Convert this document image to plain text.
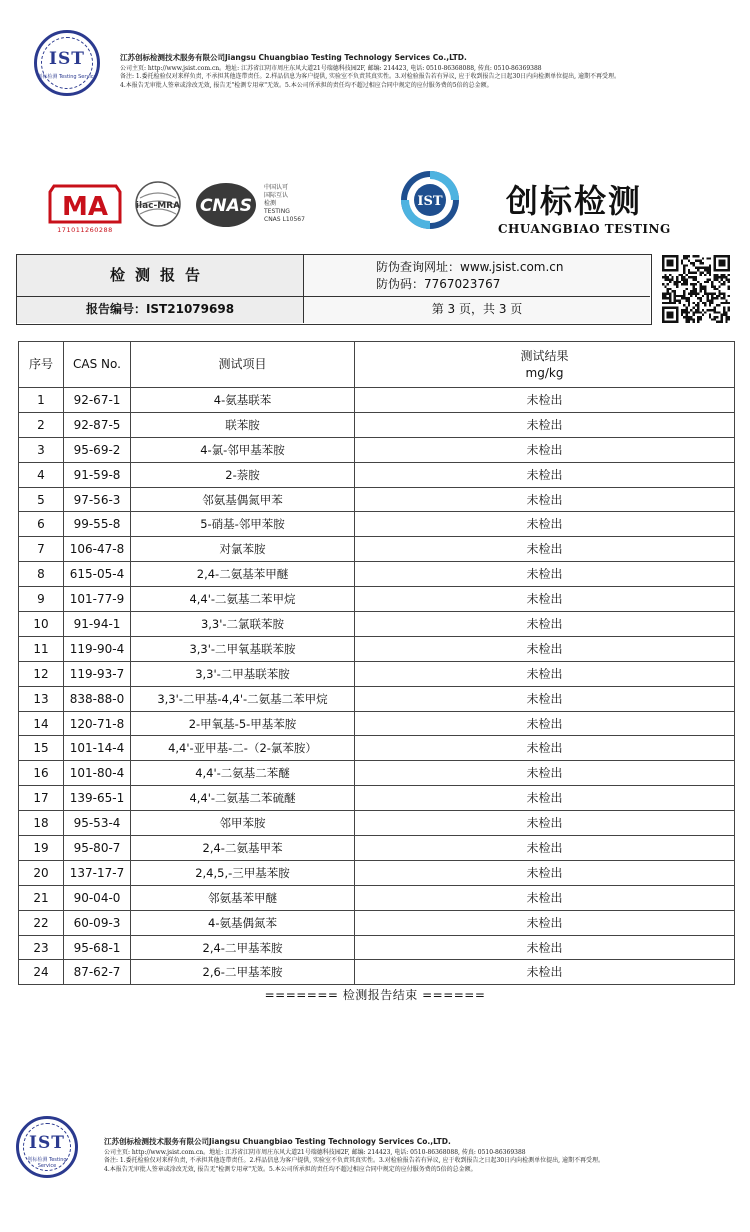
IST
创标检测 Testing Service
江苏创标检测技术服务有限公司Jiangsu Chuangbiao Testing Technology Services Co.,LTD.
公司主页: http://www.jsist.com.cn。地址: 江苏省江阴市周庄东风大道21号瑞德科技园2F, 邮编: 214423, 电话: 0510-86368088, 传真: 0510-86369388
备注: 1.委托检验仅对来样负责, 不承担其他连带责任。2.样品信息为客户提供, 实验室不负责其真实性。3.对检验报告若有异议, 应于收到报告之日起30日内向检测单位提出, 逾期不再受理。
4.本报告无审批人签章或涂改无效, 报告无"检测专用章"无效。5.本公司所承担的责任均不超过相应合同中规定的应付服务费的5倍的总金额。
MA
171011260288
ilac-MRA CNAS
中国认可
国际互认
检测
TESTING
CNAS L10567
IST 创标检测
CHUANGBIAO TESTING
检测报告	防伪查询网址：www.jsist.com.cn
防伪码：7767023767
报告编号：IST21079698	第 3 页，共 3 页
序号	CAS No.	测试项目	测试结果
mg/kg

1	92-67-1	4-氨基联苯	未检出
2	92-87-5	联苯胺	未检出
3	95-69-2	4-氯-邻甲基苯胺	未检出
4	91-59-8	2-萘胺	未检出
5	97-56-3	邻氨基偶氮甲苯	未检出
6	99-55-8	5-硝基-邻甲苯胺	未检出
7	106-47-8	对氯苯胺	未检出
8	615-05-4	2,4-二氨基苯甲醚	未检出
9	101-77-9	4,4'-二氨基二苯甲烷	未检出
10	91-94-1	3,3'-二氯联苯胺	未检出
11	119-90-4	3,3'-二甲氧基联苯胺	未检出
12	119-93-7	3,3'-二甲基联苯胺	未检出
13	838-88-0	3,3'-二甲基-4,4'-二氨基二苯甲烷	未检出
14	120-71-8	2-甲氧基-5-甲基苯胺	未检出
15	101-14-4	4,4'-亚甲基-二-（2-氯苯胺）	未检出
16	101-80-4	4,4'-二氨基二苯醚	未检出
17	139-65-1	4,4'-二氨基二苯硫醚	未检出
18	95-53-4	邻甲苯胺	未检出
19	95-80-7	2,4-二氨基甲苯	未检出
20	137-17-7	2,4,5,-三甲基苯胺	未检出
21	90-04-0	邻氨基苯甲醚	未检出
22	60-09-3	4-氨基偶氮苯	未检出
23	95-68-1	2,4-二甲基苯胺	未检出
24	87-62-7	2,6-二甲基苯胺	未检出
======= 检测报告结束 ======
IST
创标检测 Testing Service
江苏创标检测技术服务有限公司Jiangsu Chuangbiao Testing Technology Services Co.,LTD.
公司主页: http://www.jsist.com.cn。地址: 江苏省江阴市周庄东风大道21号瑞德科技园2F, 邮编: 214423, 电话: 0510-86368088, 传真: 0510-86369388
备注: 1.委托检验仅对来样负责, 不承担其他连带责任。2.样品信息为客户提供, 实验室不负责其真实性。3.对检验报告若有异议, 应于收到报告之日起30日内向检测单位提出, 逾期不再受理。
4.本报告无审批人签章或涂改无效, 报告无"检测专用章"无效。5.本公司所承担的责任均不超过相应合同中规定的应付服务费的5倍的总金额。
